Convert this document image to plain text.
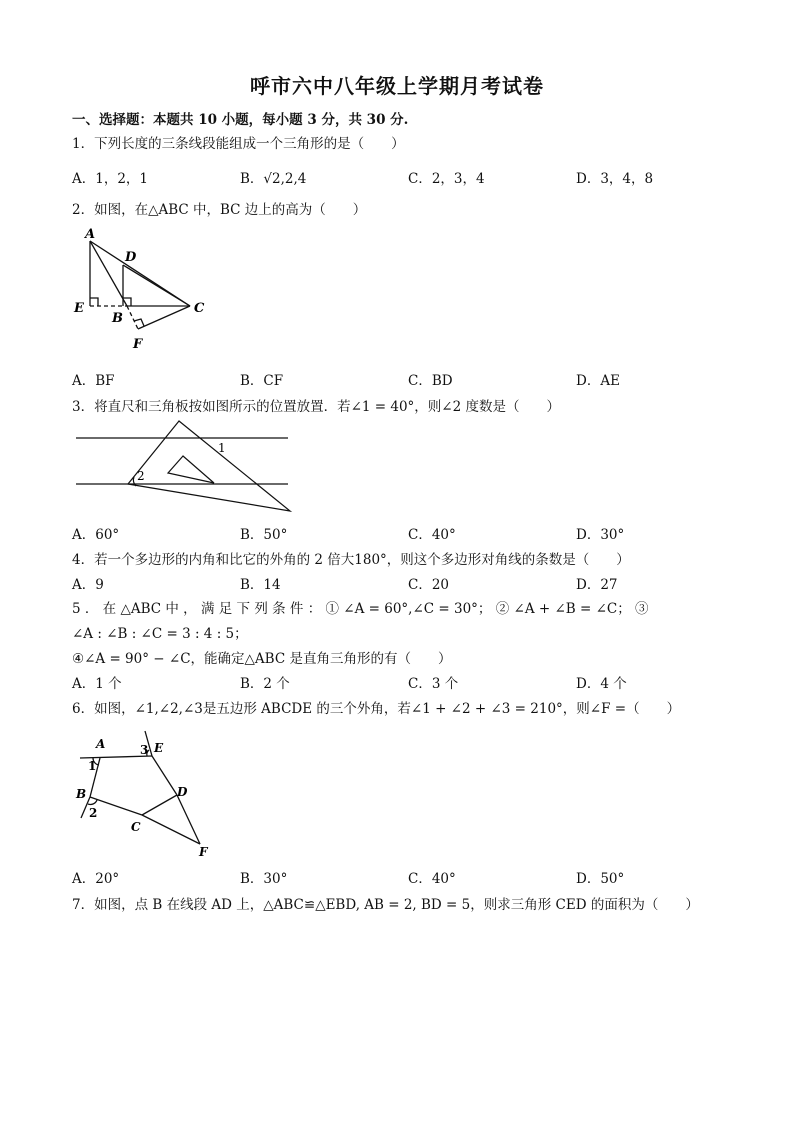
呼市六中八年级上学期月考试卷
一、选择题：本题共 10 小题，每小题 3 分，共 30 分.
1．下列长度的三条线段能组成一个三角形的是（　　）
A．1，2，1	B．√2,2,4	C．2，3，4	D．3，4，8
2．如图，在△ABC 中，BC 边上的高为（　　）
A
D
E
B
C
F
A．BF	B．CF	C．BD	D．AE
3．将直尺和三角板按如图所示的位置放置．若∠1 = 40°，则∠2 度数是（　　）
1
2
A．60°	B．50°	C．40°	D．30°
4．若一个多边形的内角和比它的外角的 2 倍大180°，则这个多边形对角线的条数是（　　）
A．9	B．14	C．20	D．27
5 ． 在 △ABC 中 ， 满 足 下 列 条 件 ： ① ∠A = 60°,∠C = 30°； ② ∠A + ∠B = ∠C； ③
∠A : ∠B : ∠C = 3 : 4 : 5；
④∠A = 90° − ∠C，能确定△ABC 是直角三角形的有（　　）
A．1 个	B．2 个	C．3 个	D．4 个
6．如图，∠1,∠2,∠3是五边形 ABCDE 的三个外角，若∠1 + ∠2 + ∠3 = 210°，则∠F =（　　）
A	3 E
1
B
2
D
C
F
A．20°	B．30°	C．40°	D．50°
7．如图，点 B 在线段 AD 上，△ABC≌△EBD, AB = 2, BD = 5，则求三角形 CED 的面积为（　　）
